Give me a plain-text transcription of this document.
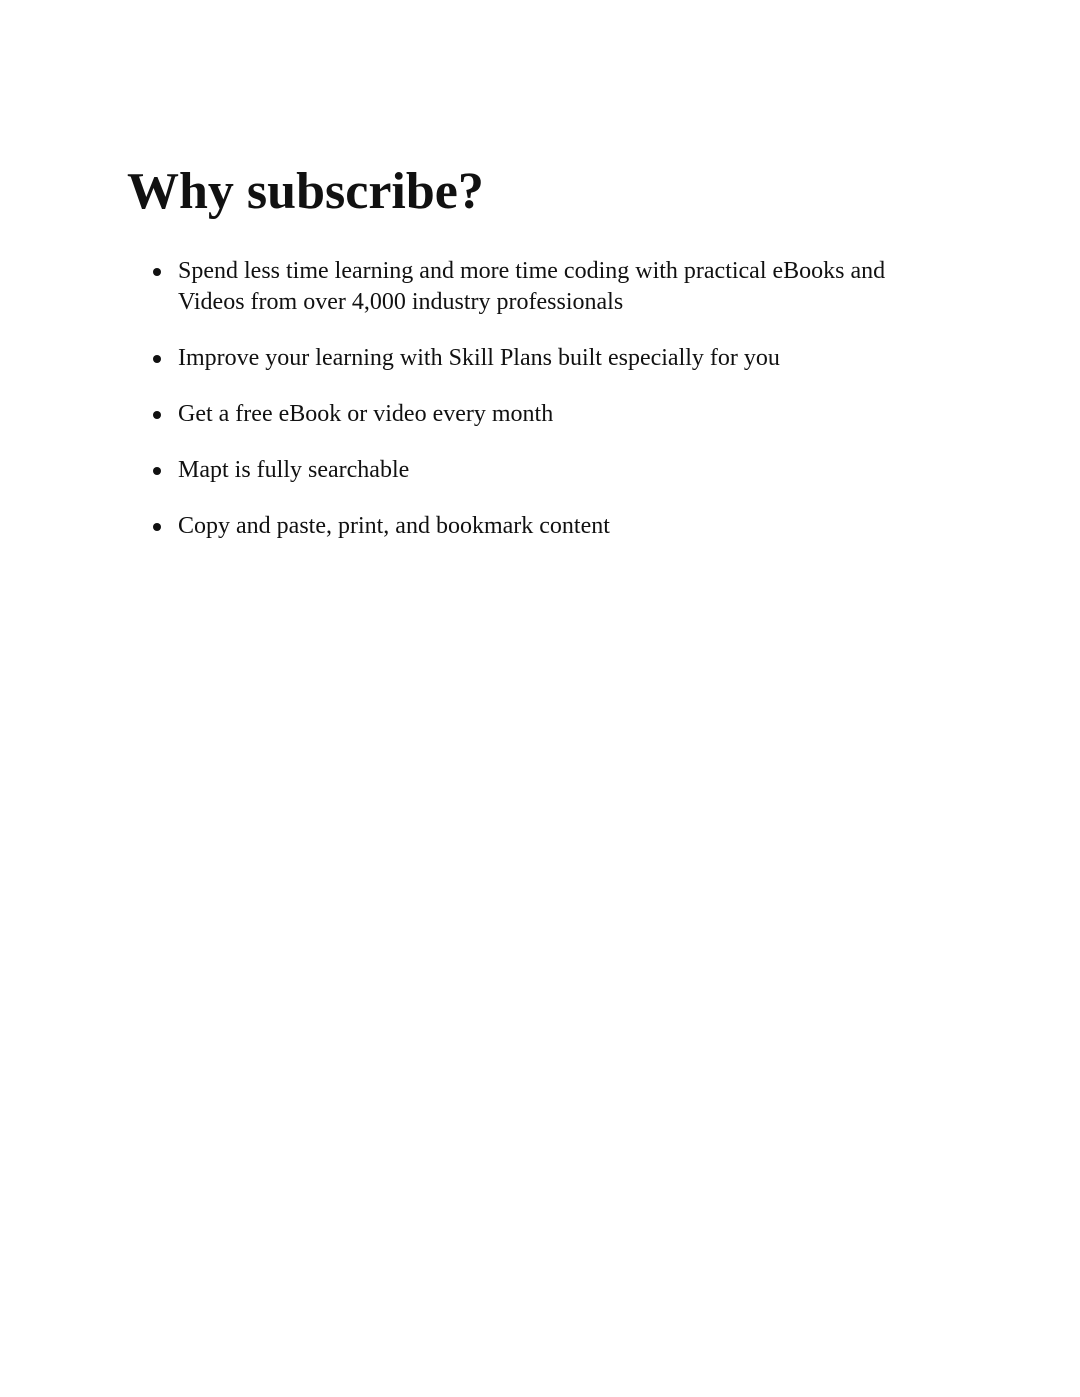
Why subscribe?
Spend less time learning and more time coding with practical eBooks and Videos from over 4,000 industry professionals
Improve your learning with Skill Plans built especially for you
Get a free eBook or video every month
Mapt is fully searchable
Copy and paste, print, and bookmark content
